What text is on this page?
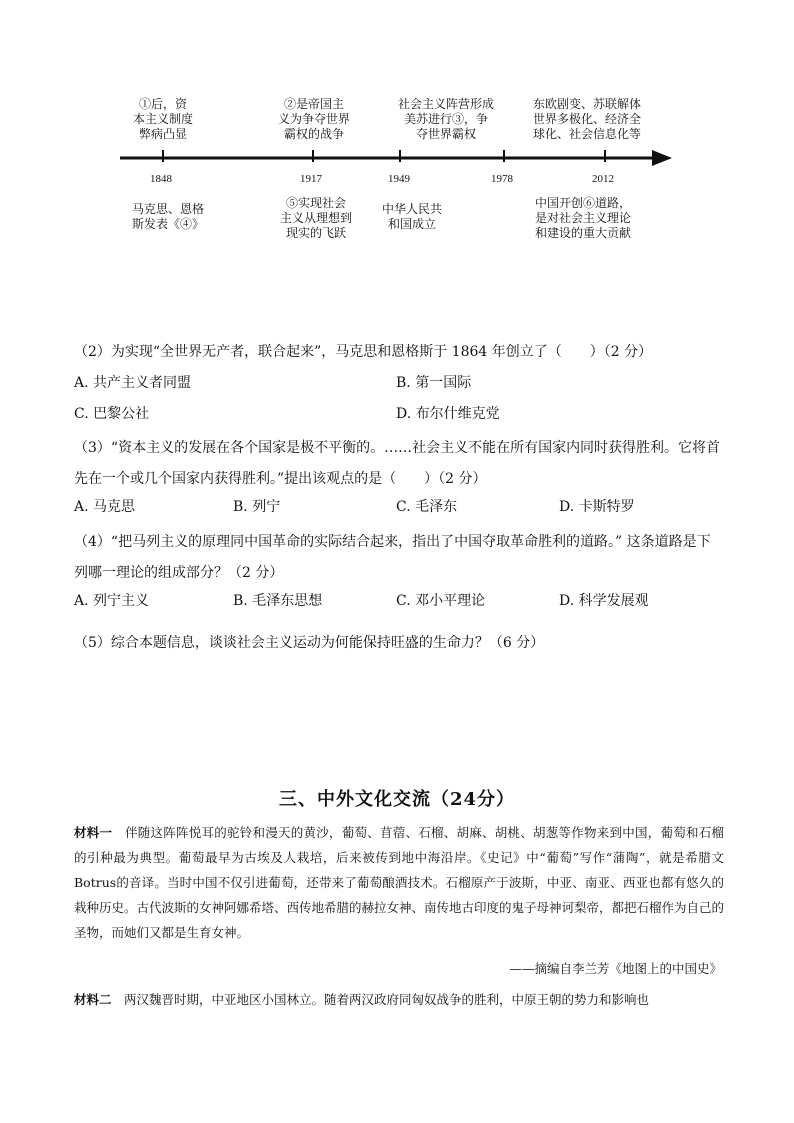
①后，资
本主义制度
弊病凸显
②是帝国主
义为争夺世界
霸权的战争
社会主义阵营形成
美苏进行③，争
夺世界霸权
东欧剧变、苏联解体
世界多极化、经济全
球化、社会信息化等
1848	1917	1949	1978	2012
马克思、恩格
斯发表《④》
⑤实现社会
主义从理想到
现实的飞跃
中华人民共
和国成立
中国开创⑥道路，
是对社会主义理论
和建设的重大贡献
（2）为实现“全世界无产者，联合起来”，马克思和恩格斯于 1864 年创立了（　　）（2 分）
A. 共产主义者同盟	B. 第一国际
C. 巴黎公社	D. 布尔什维克党
（3）“资本主义的发展在各个国家是极不平衡的。……社会主义不能在所有国家内同时获得胜利。它将首先在一个或几个国家内获得胜利。”提出该观点的是（　　）（2 分）
A. 马克思	B. 列宁	C. 毛泽东	D. 卡斯特罗
（4）“把马列主义的原理同中国革命的实际结合起来，指出了中国夺取革命胜利的道路。” 这条道路是下列哪一理论的组成部分？（2 分）
A. 列宁主义	B. 毛泽东思想	C. 邓小平理论	D. 科学发展观
（5）综合本题信息，谈谈社会主义运动为何能保持旺盛的生命力？（6 分）
三、中外文化交流（24分）
材料一　 伴随这阵阵悦耳的驼铃和漫天的黄沙，葡萄、苜蓿、石榴、胡麻、胡桃、胡葱等作物来到中国，葡萄和石榴的引种最为典型。葡萄最早为古埃及人栽培，后来被传到地中海沿岸。《史记》中“葡萄”写作“蒲陶”，就是希腊文Botrus的音译。当时中国不仅引进葡萄，还带来了葡萄酿酒技术。石榴原产于波斯，中亚、南亚、西亚也都有悠久的栽种历史。古代波斯的女神阿娜希塔、西传地希腊的赫拉女神、南传地古印度的鬼子母神诃梨帝，都把石榴作为自己的圣物，而她们又都是生育女神。
——摘编自李兰芳《地图上的中国史》
材料二　 两汉魏晋时期，中亚地区小国林立。随着两汉政府同匈奴战争的胜利，中原王朝的势力和影响也
